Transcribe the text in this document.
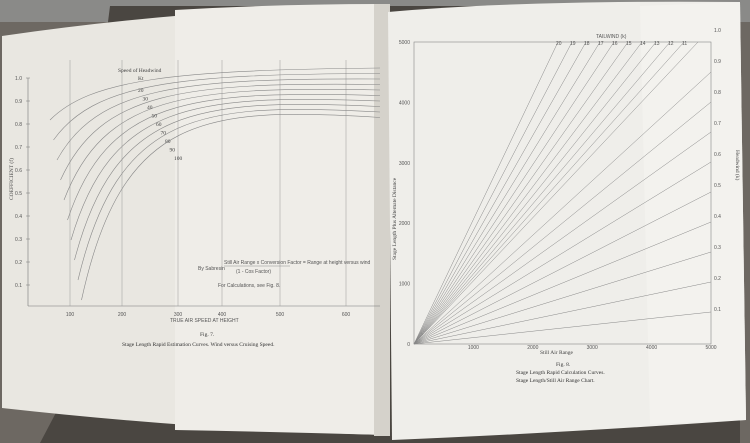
1.0
0.9
0.8
0.7
0.6
0.5
0.4
0.3
0.2
0.1
100	200	300	400	500	600
COEFFICIENT (f)
TRUE AIR SPEED AT HEIGHT
Speed of Headwind
Kt
20
30
40
50
60
70
80
90
100
Still Air Range x Conversion Factor = Range at height versus wind
(1 - Cos Factor)
By Sabresin
For Calculations, see Fig. 8.
Fig. 7.
Stage Length Rapid Estimation Curves. Wind versus Cruising Speed.
5000
4000
3000
2000
1000
0	1000	2000	3000	4000	5000
20 19 18 17 16 15 14 13 12 11
1.0
0.9
0.8
0.7
0.6
0.5
0.4
0.3
0.2
0.1
Stage Length Plus Alternate Distance
Still Air Range
TAILWIND (k)
Headwind (k)
Fig. 8.
Stage Length Rapid Calculation Curves.
Stage Length/Still Air Range Chart.
